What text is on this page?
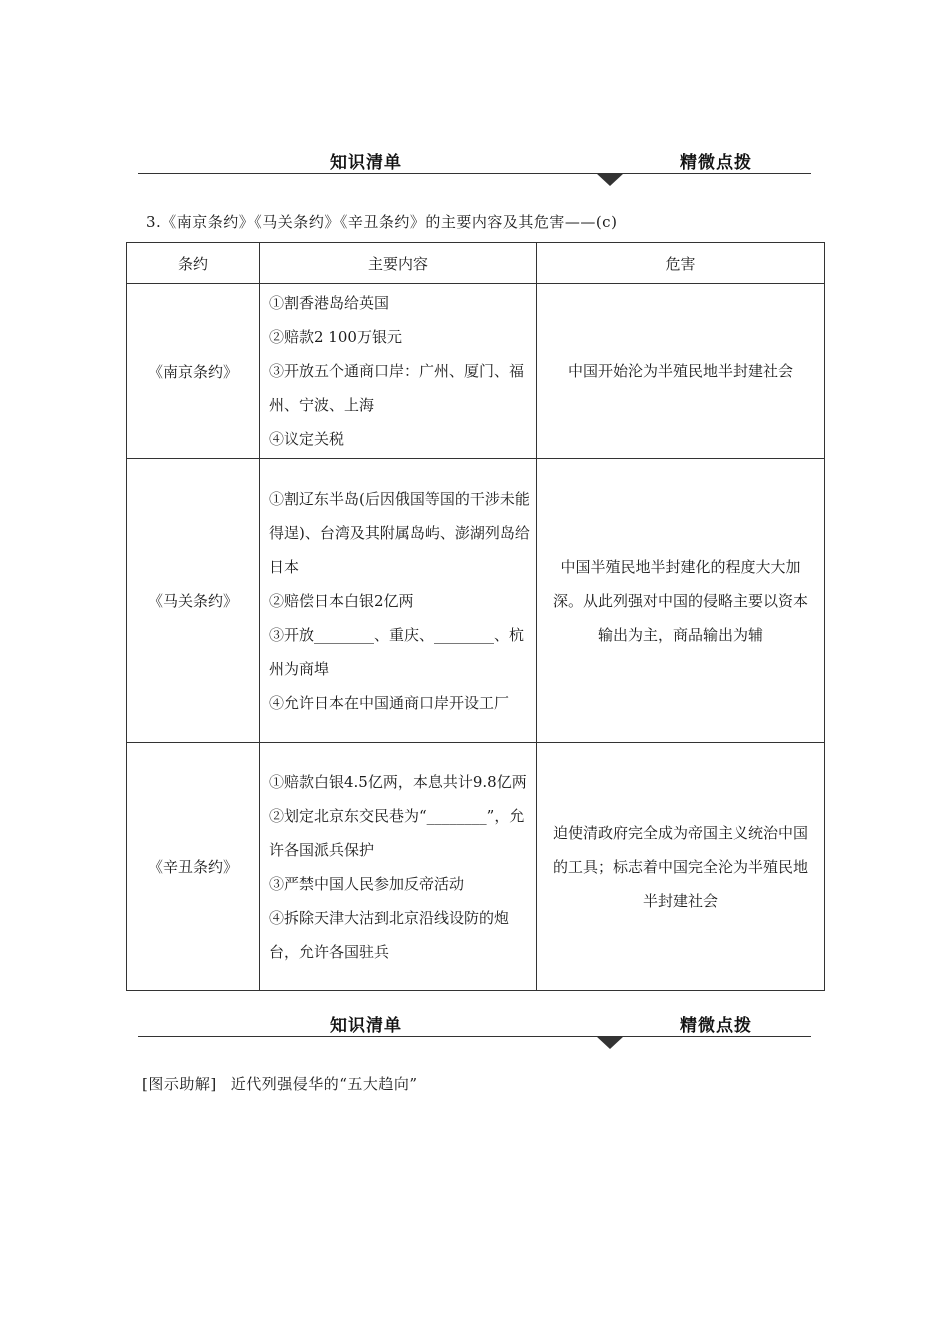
知识清单	精微点拨
3.《南京条约》《马关条约》《辛丑条约》的主要内容及其危害——(c)
条约	主要内容	危害
《南京条约》	①割香港岛给英国
②赔款2 100万银元
③开放五个通商口岸：广州、厦门、福州、宁波、上海
④议定关税	中国开始沦为半殖民地半封建社会
《马关条约》	①割辽东半岛(后因俄国等国的干涉未能得逞)、台湾及其附属岛屿、澎湖列岛给日本
②赔偿日本白银2亿两
③开放________、重庆、________、杭州为商埠
④允许日本在中国通商口岸开设工厂	中国半殖民地半封建化的程度大大加深。从此列强对中国的侵略主要以资本输出为主，商品输出为辅
《辛丑条约》	①赔款白银4.5亿两，本息共计9.8亿两
②划定北京东交民巷为“________”，允许各国派兵保护
③严禁中国人民参加反帝活动
④拆除天津大沽到北京沿线设防的炮台，允许各国驻兵	迫使清政府完全成为帝国主义统治中国的工具；标志着中国完全沦为半殖民地半封建社会
知识清单	精微点拨
[图示助解] 近代列强侵华的“五大趋向”
